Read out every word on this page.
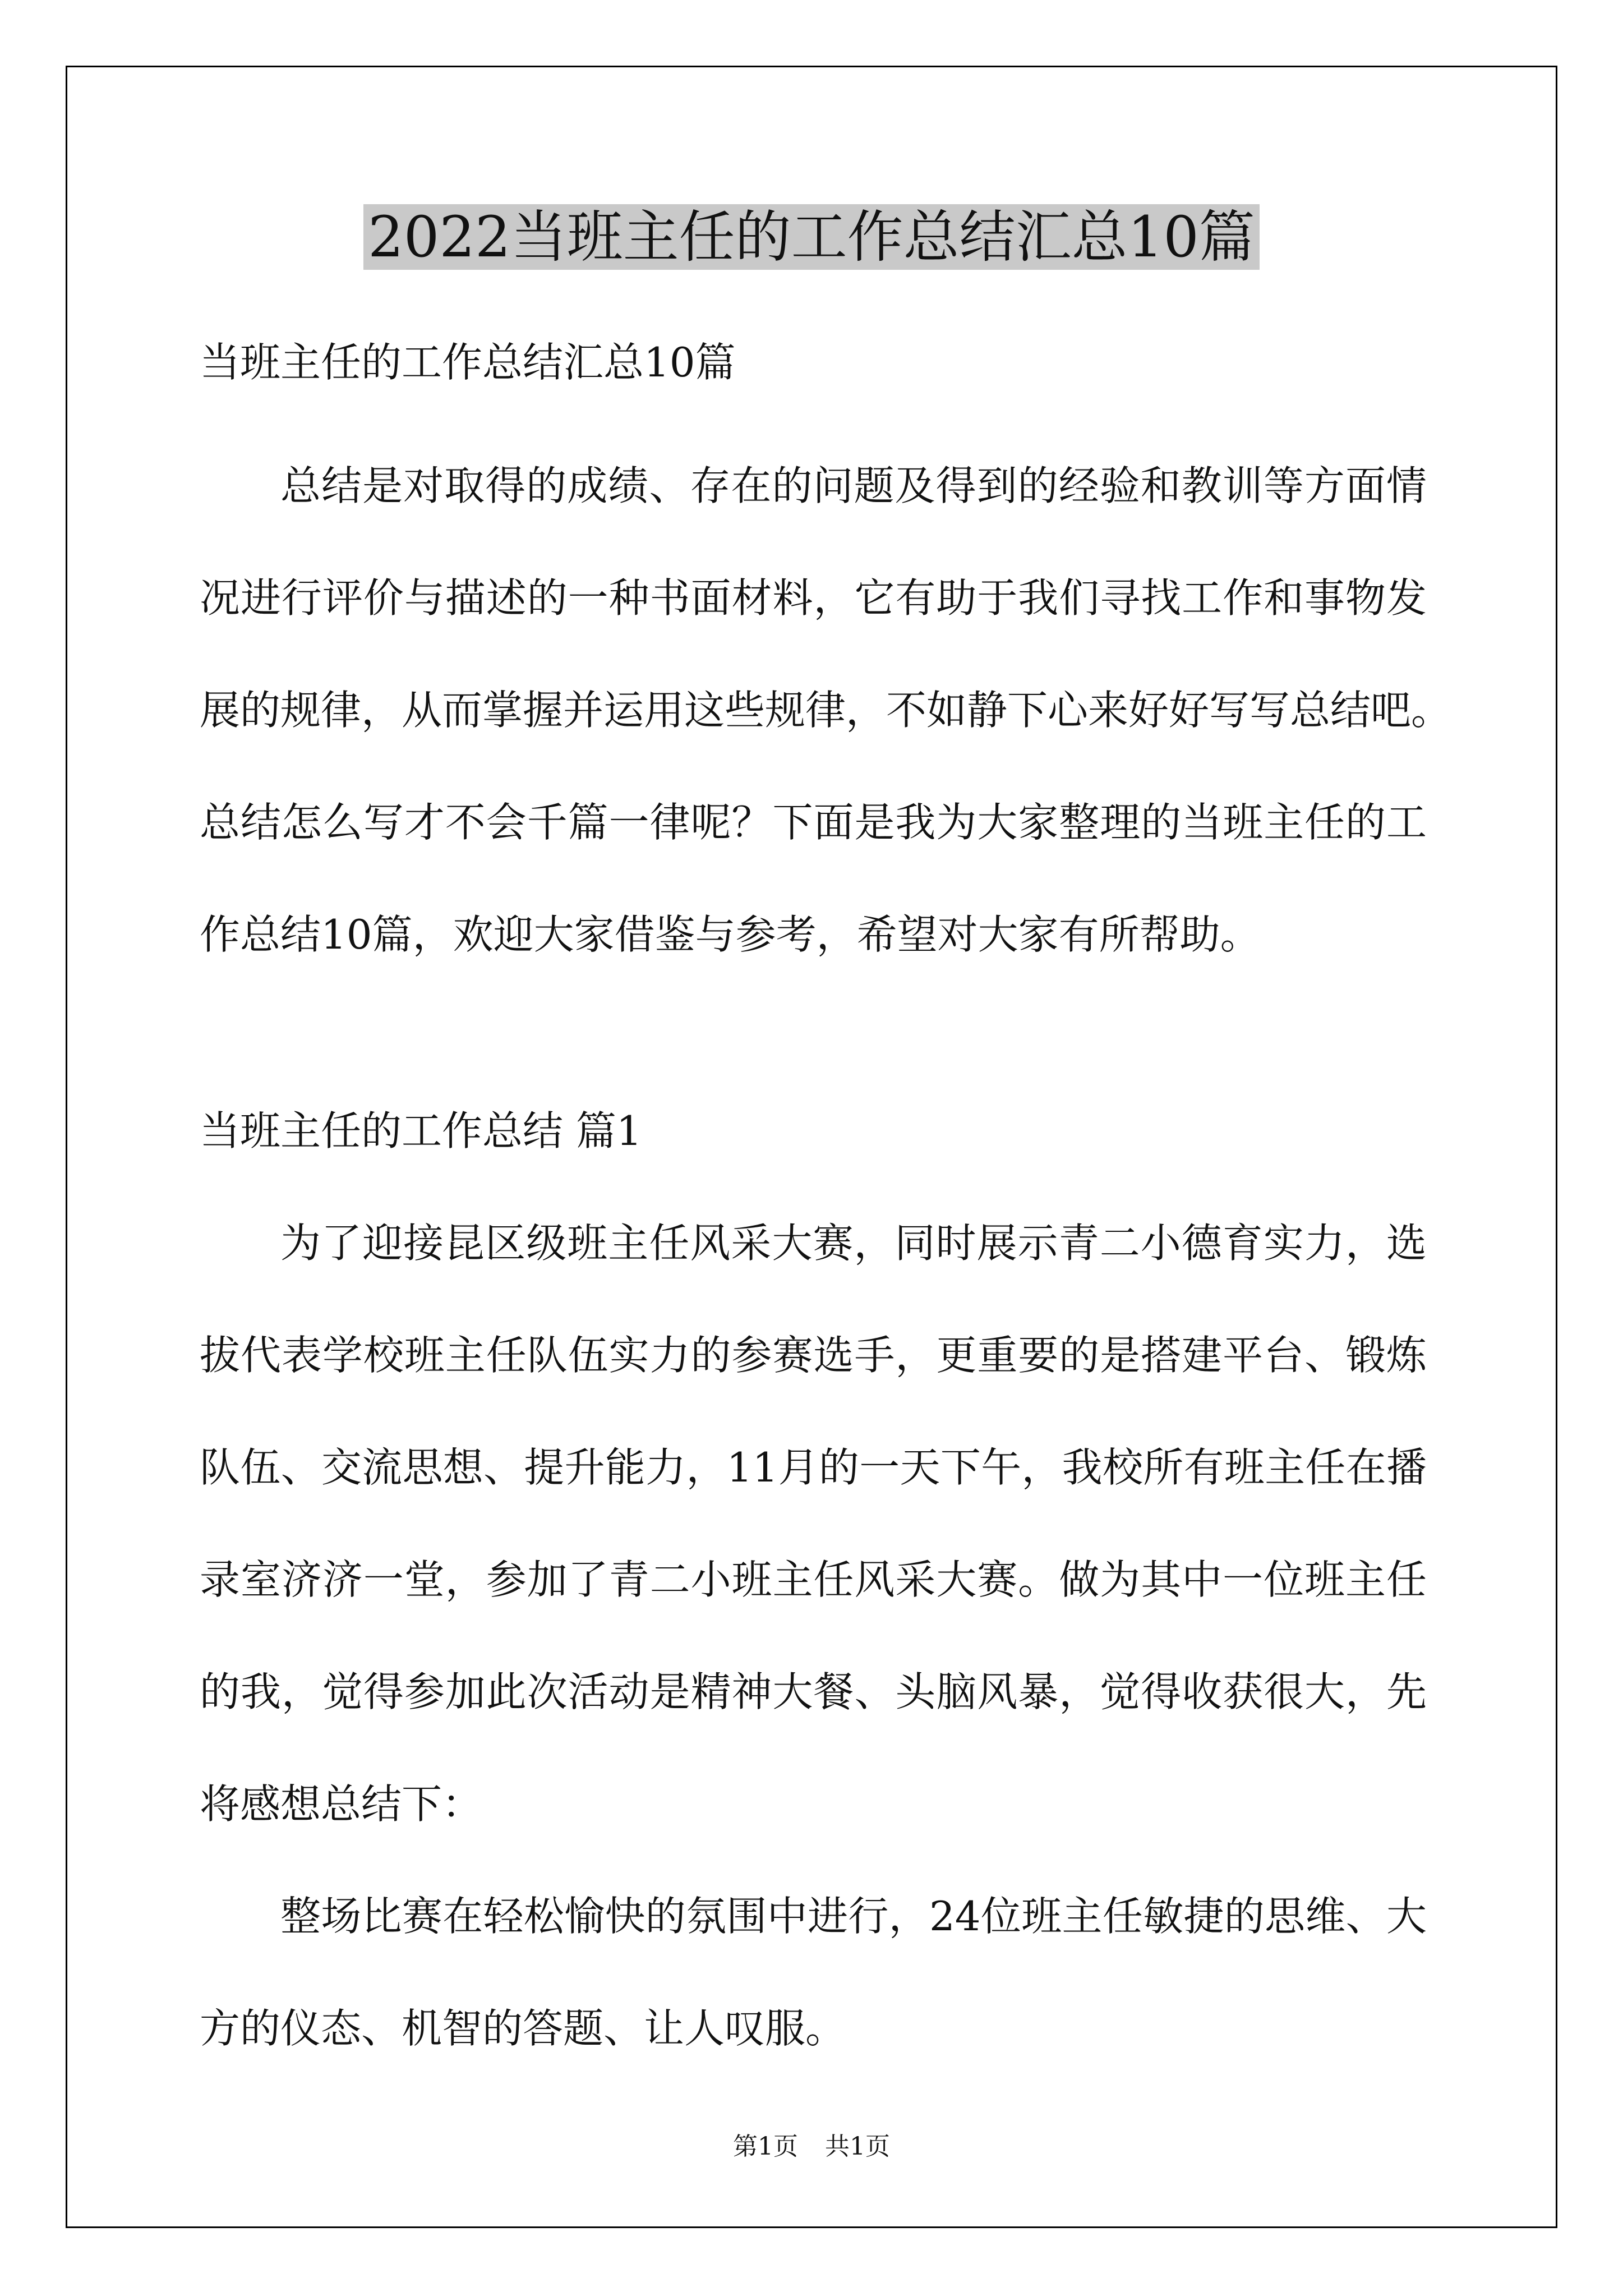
2022当班主任的工作总结汇总10篇
当班主任的工作总结汇总10篇
总结是对取得的成绩、存在的问题及得到的经验和教训等方面情
况进行评价与描述的一种书面材料，它有助于我们寻找工作和事物发
展的规律，从而掌握并运用这些规律，不如静下心来好好写写总结吧。
总结怎么写才不会千篇一律呢？下面是我为大家整理的当班主任的工
作总结10篇，欢迎大家借鉴与参考，希望对大家有所帮助。
当班主任的工作总结 篇1
为了迎接昆区级班主任风采大赛，同时展示青二小德育实力，选
拔代表学校班主任队伍实力的参赛选手，更重要的是搭建平台、锻炼
队伍、交流思想、提升能力，11月的一天下午，我校所有班主任在播
录室济济一堂，参加了青二小班主任风采大赛。做为其中一位班主任
的我，觉得参加此次活动是精神大餐、头脑风暴，觉得收获很大，先
将感想总结下：
整场比赛在轻松愉快的氛围中进行，24位班主任敏捷的思维、大
方的仪态、机智的答题、让人叹服。
第1页 共1页
